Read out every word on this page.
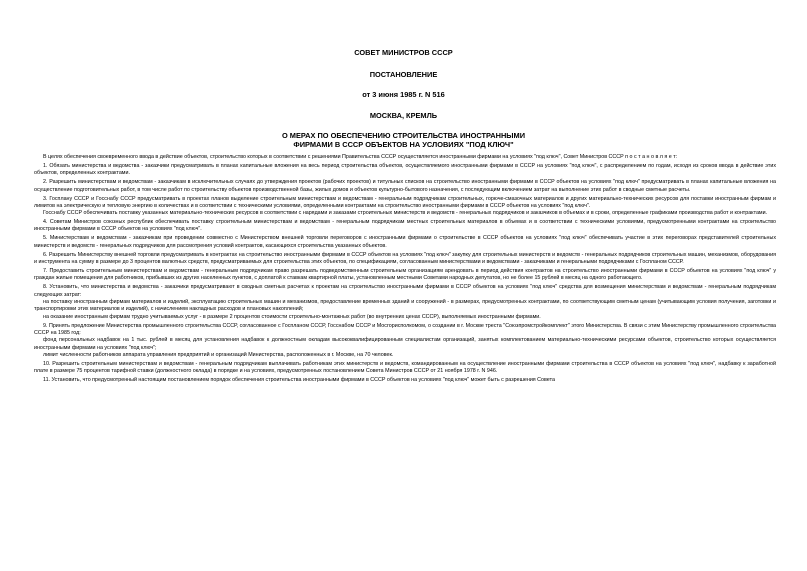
СОВЕТ МИНИСТРОВ СССР

ПОСТАНОВЛЕНИЕ

от 3 июня 1985 г. N 516

МОСКВА, КРЕМЛЬ

О МЕРАХ ПО ОБЕСПЕЧЕНИЮ СТРОИТЕЛЬСТВА ИНОСТРАННЫМИ
ФИРМАМИ В СССР ОБЪЕКТОВ НА УСЛОВИЯХ "ПОД КЛЮЧ"

В целях обеспечения своевременного ввода в действие объектов, строительство которых в соответствии с решениями Правительства СССР осуществляется иностранными фирмами на условиях "под ключ", Совет Министров СССР п о с т а н о в л я е т:

1. Обязать министерства и ведомства - заказчики предусматривать в планах капитальные вложения на весь период строительства объектов, осуществляемого иностранными фирмами в СССР на условиях "под ключ", с распределением по годам, исходя из сроков ввода в действие этих объектов, определенных контрактами.

2. Разрешить министерствам и ведомствам - заказчикам в исключительных случаях до утверждения проектов (рабочих проектов) и титульных списков на строительство иностранными фирмами в СССР объектов на условиях "под ключ" предусматривать в планах капитальные вложения на осуществление подготовительных работ, в том числе работ по строительству объектов производственной базы, жилых домов и объектов культурно-бытового назначения, с последующим включением затрат на выполнение этих работ в сводные сметные расчеты.

3. Госплану СССР и Госснабу СССР предусматривать в проектах планов выделение строительным министерствам и ведомствам - генеральным подрядчикам строительных, горюче-смазочных материалов и других материально-технических ресурсов для поставки иностранным фирмам и лимитов на электрическую и тепловую энергию в количествах и в соответствии с техническими условиями, определенными контрактами на строительство иностранными фирмами в СССР объектов на условиях "под ключ".

Госснабу СССР обеспечивать поставку указанных материально-технических ресурсов в соответствии с нарядами и заказами строительных министерств и ведомств - генеральных подрядчиков и заказчиков в объемах и в сроки, определенные графиками производства работ и контрактами.

4. Советам Министров союзных республик обеспечивать поставку строительным министерствам и ведомствам - генеральным подрядчикам местных строительных материалов в объемах и в соответствии с техническими условиями, предусмотренными контрактами на строительство иностранными фирмами в СССР объектов на условиях "под ключ".

5. Министерствам и ведомствам - заказчикам при проведении совместно с Министерством внешней торговли переговоров с иностранными фирмами о строительстве в СССР объектов на условиях "под ключ" обеспечивать участие в этих переговорах представителей строительных министерств и ведомств - генеральных подрядчиков для рассмотрения условий контрактов, касающихся строительства указанных объектов.

6. Разрешить Министерству внешней торговли предусматривать в контрактах на строительство иностранными фирмами в СССР объектов на условиях "под ключ" закупку для строительных министерств и ведомств - генеральных подрядчиков строительных машин, механизмов, оборудования и инструмента на сумму в размере до 3 процентов валютных средств, предусматриваемых для строительства этих объектов, по спецификациям, согласованным министерствами и ведомствами - заказчиками и генеральными подрядчиками с Госпланом СССР.

7. Предоставить строительным министерствам и ведомствам - генеральным подрядчикам право разрешать подведомственным строительным организациям арендовать в период действия контрактов на строительство иностранными фирмами в СССР объектов на условиях "под ключ" у граждан жилые помещения для работников, прибывших из других населенных пунктов, с доплатой к ставкам квартирной платы, установленным местными Советами народных депутатов, но не более 15 рублей в месяц на одного работающего.

8. Установить, что министерства и ведомства - заказчики предусматривают в сводных сметных расчетах к проектам на строительство иностранными фирмами в СССР объектов на условиях "под ключ" средства для возмещения министерствам и ведомствам - генеральным подрядчикам следующих затрат:

на поставку иностранным фирмам материалов и изделий, эксплуатацию строительных машин и механизмов, предоставление временных зданий и сооружений - в размерах, предусмотренных контрактами, по соответствующим сметным ценам (учитывающим условия получения, заготовки и транспортировки этих материалов и изделий), с начислением накладных расходов и плановых накоплений;

на оказание иностранным фирмам трудно учитываемых услуг - в размере 2 процентов стоимости строительно-монтажных работ (во внутренних ценах СССР), выполняемых иностранными фирмами.

9. Принять предложение Министерства промышленного строительства СССР, согласованное с Госпланом СССР, Госснабом СССР и Мосгорисполкомом, о создании в г. Москве треста "Союзпромстройкомплект" этого Министерства. В связи с этим Министерству промышленного строительства СССР на 1985 год:

фонд персональных надбавок на 1 тыс. рублей в месяц для установления надбавок к должностным окладам высококвалифицированным специалистам организаций, занятых комплектованием материально-техническими ресурсами объектов, строительство которых осуществляется иностранными фирмами на условиях "под ключ";

лимит численности работников аппарата управления предприятий и организаций Министерства, расположенных в г. Москве, на 70 человек.

10. Разрешить строительным министерствам и ведомствам - генеральным подрядчикам выплачивать работникам этих министерств и ведомств, командированным на осуществление иностранными фирмами строительства в СССР объектов на условиях "под ключ", надбавку к заработной плате в размере 75 процентов тарифной ставки (должностного оклада) в порядке и на условиях, предусмотренных постановлением Совета Министров СССР от 21 ноября 1978 г. N 946.

11. Установить, что предусмотренный настоящим постановлением порядок обеспечения строительства иностранными фирмами в СССР объектов на условиях "под ключ" может быть с разрешения Совета
